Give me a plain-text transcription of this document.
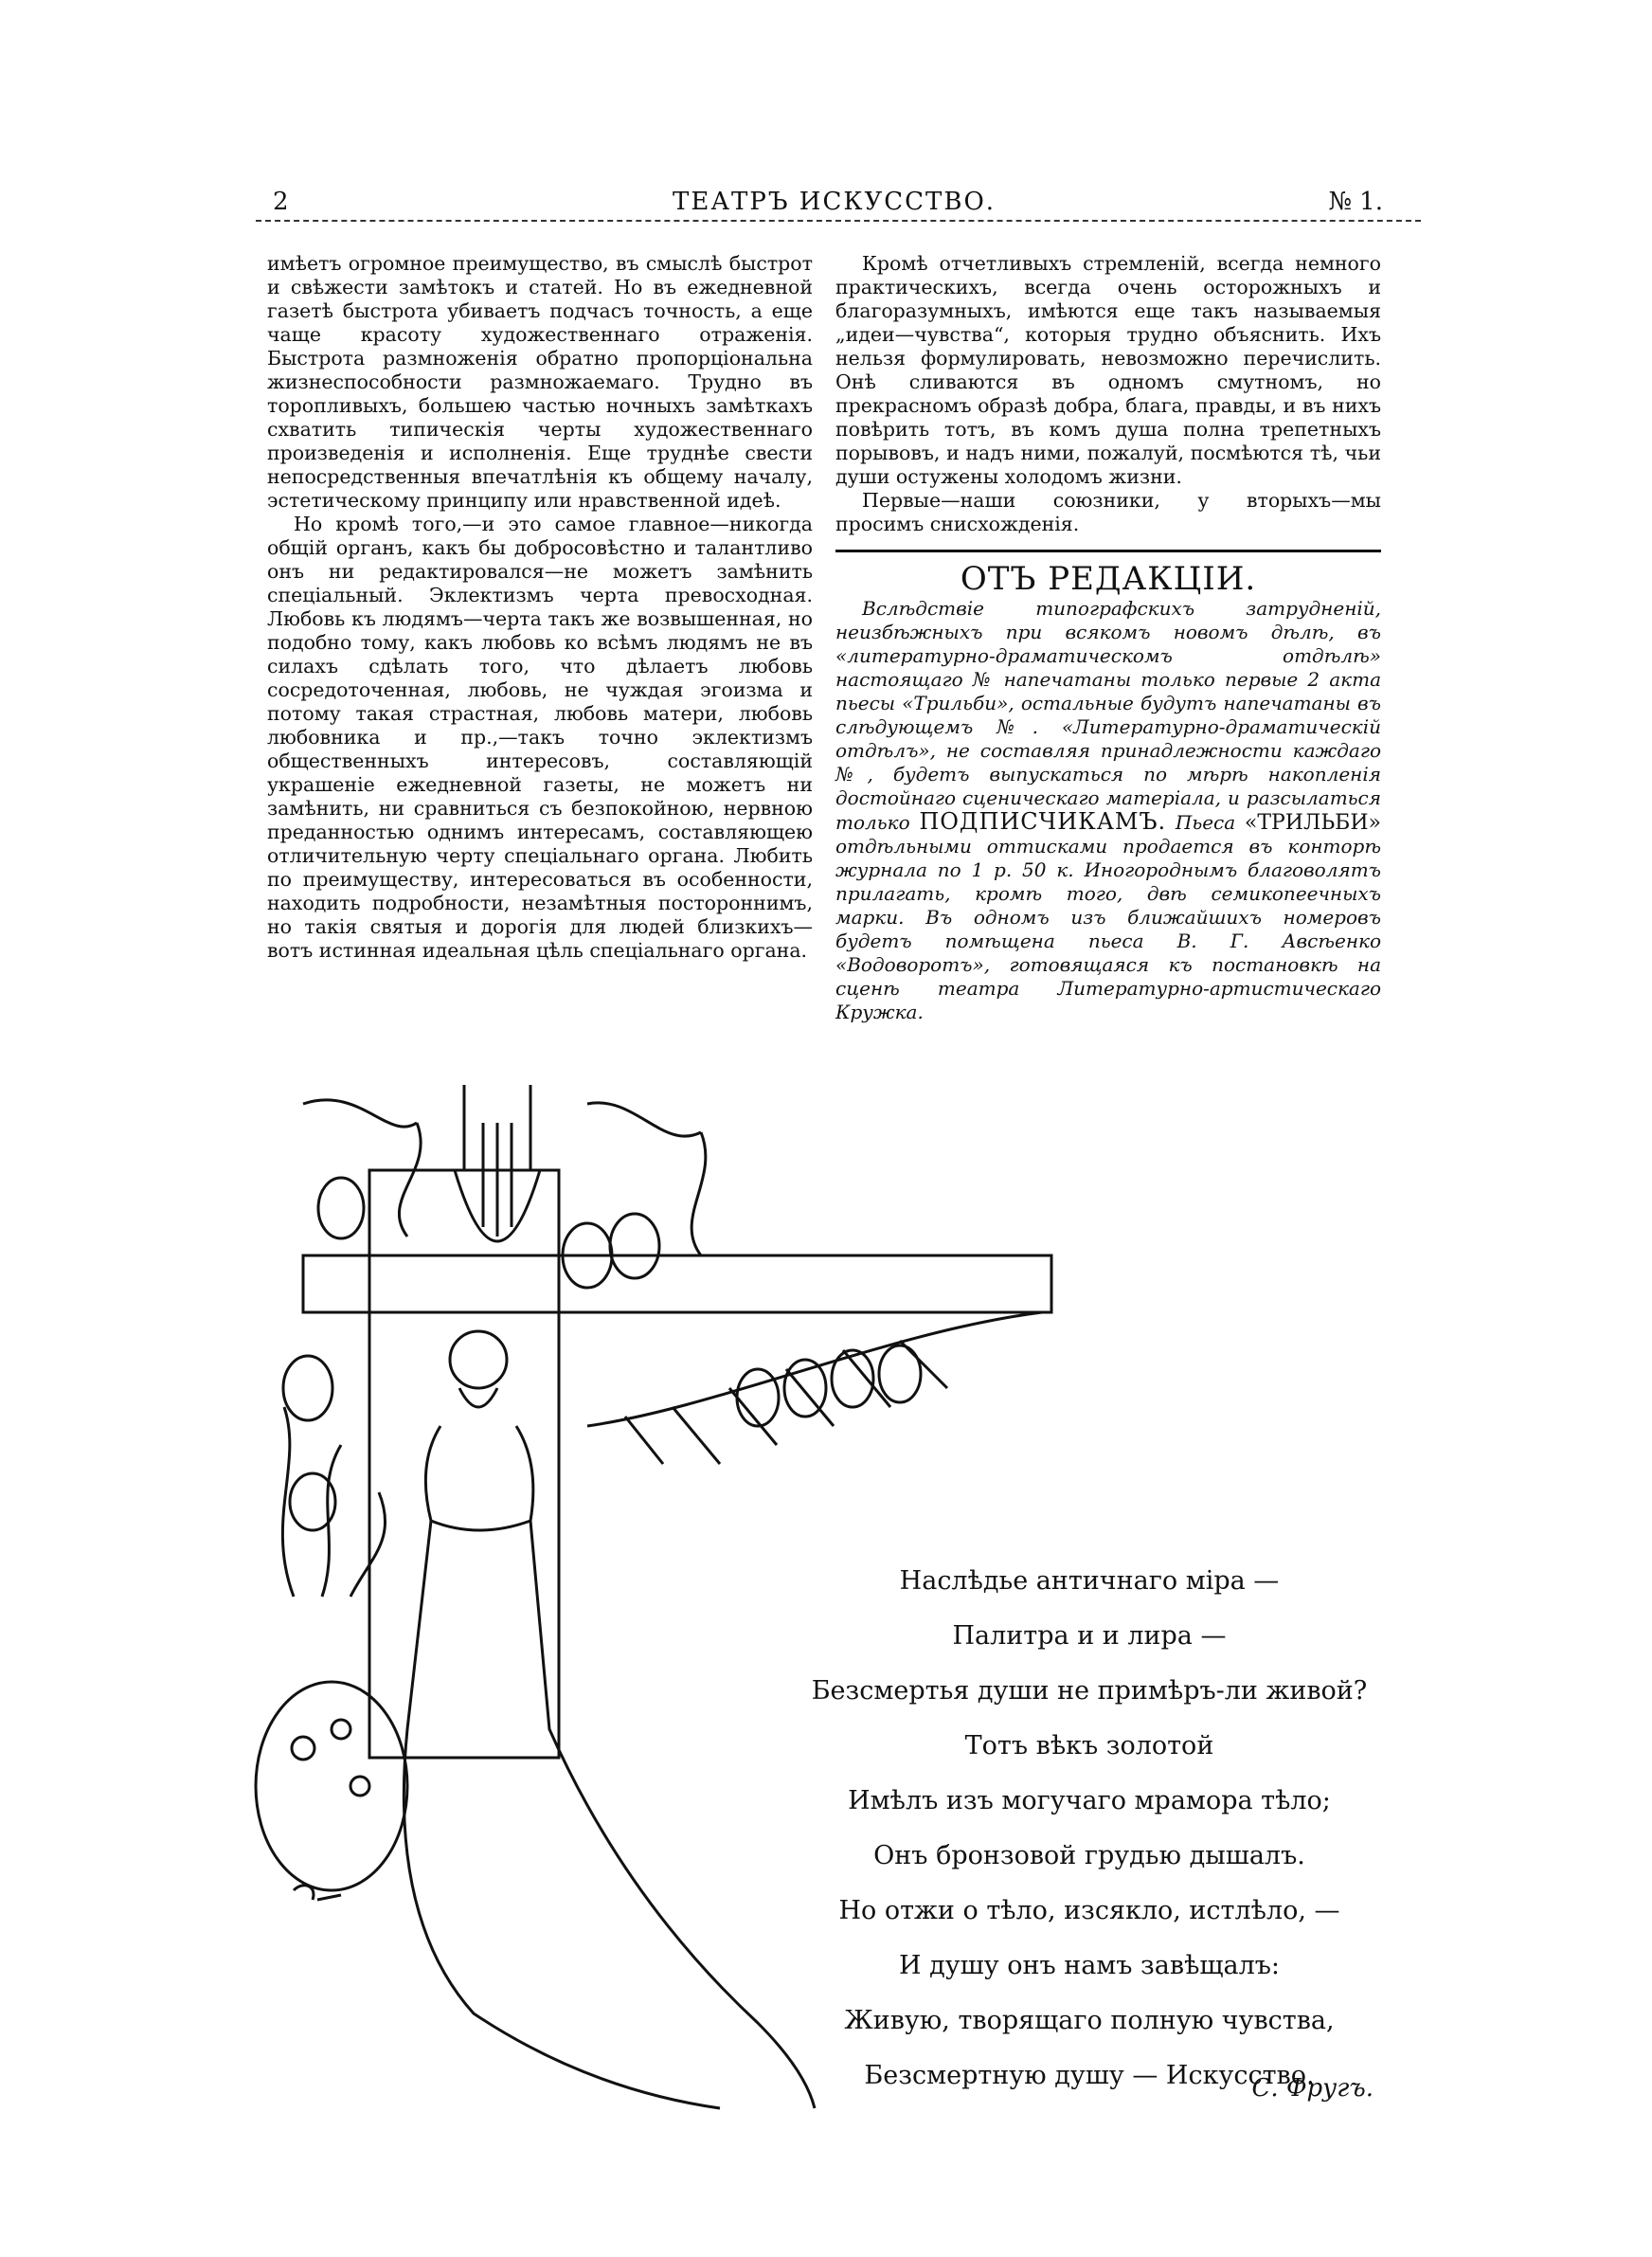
2	ТЕАТРЪ ИСКУССТВО.	№ 1.

имѣетъ огромное преимущество, въ смыслѣ быстрот и свѣжести замѣтокъ и статей. Но въ ежедневной газетѣ быстрота убиваетъ подчасъ точность, а еще чаще красоту художественнаго отраженія. Быстрота размноженія обратно пропорціональна жизнеспособности размножаемаго. Трудно въ торопливыхъ, большею частью ночныхъ замѣткахъ схватить типическія черты художественнаго произведенія и исполненія. Еще труднѣе свести непосредственныя впечатлѣнія къ общему началу, эстетическому принципу или нравственной идеѣ.

Но кромѣ того,—и это самое главное—никогда общій органъ, какъ бы добросовѣстно и талантливо онъ ни редактировался—не можетъ замѣнить спеціальный. Эклектизмъ черта превосходная. Любовь къ людямъ—черта такъ же возвышенная, но подобно тому, какъ любовь ко всѣмъ людямъ не въ силахъ сдѣлать того, что дѣлаетъ любовь сосредоточенная, любовь, не чуждая эгоизма и потому такая страстная, любовь матери, любовь любовника и пр.,—такъ точно эклектизмъ общественныхъ интересовъ, составляющій украшеніе ежедневной газеты, не можетъ ни замѣнить, ни сравниться съ безпокойною, нервною преданностью однимъ интересамъ, составляющею отличительную черту спеціальнаго органа. Любить по преимуществу, интересоваться въ особенности, находить подробности, незамѣтныя постороннимъ, но такія святыя и дорогія для людей близкихъ—вотъ истинная идеальная цѣль спеціальнаго органа.

Кромѣ отчетливыхъ стремленій, всегда немного практическихъ, всегда очень осторожныхъ и благоразумныхъ, имѣются еще такъ называемыя „идеи—чувства“, которыя трудно объяснить. Ихъ нельзя формулировать, невозможно перечислить. Онѣ сливаются въ одномъ смутномъ, но прекрасномъ образѣ добра, блага, правды, и въ нихъ повѣрить тотъ, въ комъ душа полна трепетныхъ порывовъ, и надъ ними, пожалуй, посмѣются тѣ, чьи души остужены холодомъ жизни.

Первые—наши союзники, у вторыхъ—мы просимъ снисхожденія.

ОТЪ РЕДАКЦІИ.
Вслѣдствіе типографскихъ затрудненій, неизбѣжныхъ при всякомъ новомъ дѣлѣ, въ «литературно-драматическомъ отдѣлѣ» настоящаго № напечатаны только первые 2 акта пьесы «Трильби», остальные будутъ напечатаны въ слѣдующемъ №. «Литературно-драматическій отдѣлъ», не составляя принадлежности каждаго №, будетъ выпускаться по мѣрѣ накопленія достойнаго сценическаго матеріала, и разсылаться только ПОДПИСЧИКАМЪ. Пьеса «ТРИЛЬБИ» отдѣльными оттисками продается въ конторѣ журнала по 1 р. 50 к. Иногороднымъ благоволятъ прилагать, кромѣ того, двѣ семикопеечныхъ марки. Въ одномъ изъ ближайшихъ номеровъ будетъ помѣщена пьеса В. Г. Авсѣенко «Водоворотъ», готовящаяся къ постановкѣ на сценѣ театра Литературно-артистическаго Кружка.
Наслѣдье античнаго міра —
Палитра и и лира —
Безсмертья души не примѣръ-ли живой?
Тотъ вѣкъ золотой
Имѣлъ изъ могучаго мрамора тѣло;
Онъ бронзовой грудью дышалъ.
Но отжи о тѣло, изсякло, истлѣло, —
И душу онъ намъ завѣщалъ:
Живую, творящаго полную чувства,
Безсмертную душу — Искусство.
С. Фругъ.
